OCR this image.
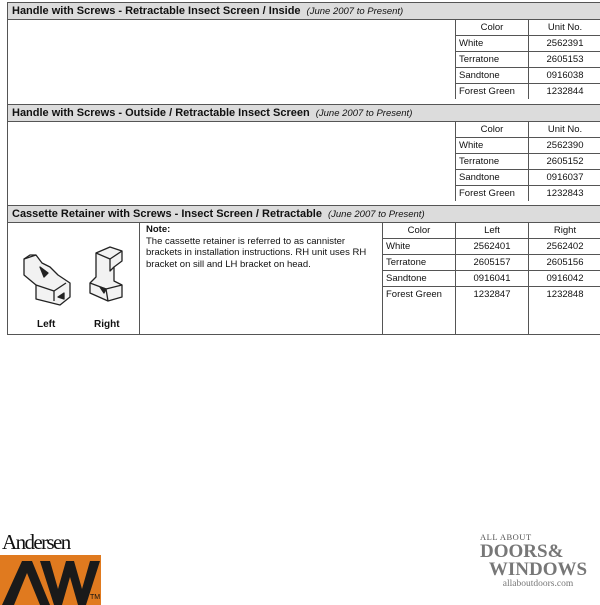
Handle with Screws - Retractable Insect Screen / Inside (June 2007 to Present)
Color	Unit No.
White	2562391
Terratone	2605153
Sandtone	0916038
Forest Green	1232844
Handle with Screws - Outside / Retractable Insect Screen (June 2007 to Present)
Color	Unit No.
White	2562390
Terratone	2605152
Sandtone	0916037
Forest Green	1232843
Cassette Retainer with Screws - Insect Screen / Retractable (June 2007 to Present)
Left	Right
Note:
The cassette retainer is referred to as cannister brackets in installation instructions. RH unit uses RH bracket on sill and LH bracket on head.
Color	Left	Right
White	2562401	2562402
Terratone	2605157	2605156
Sandtone	0916041	0916042
Forest Green	1232847	1232848
Andersen
TM
ALL ABOUT
DOORS&
WINDOWS
allaboutdoors.com
